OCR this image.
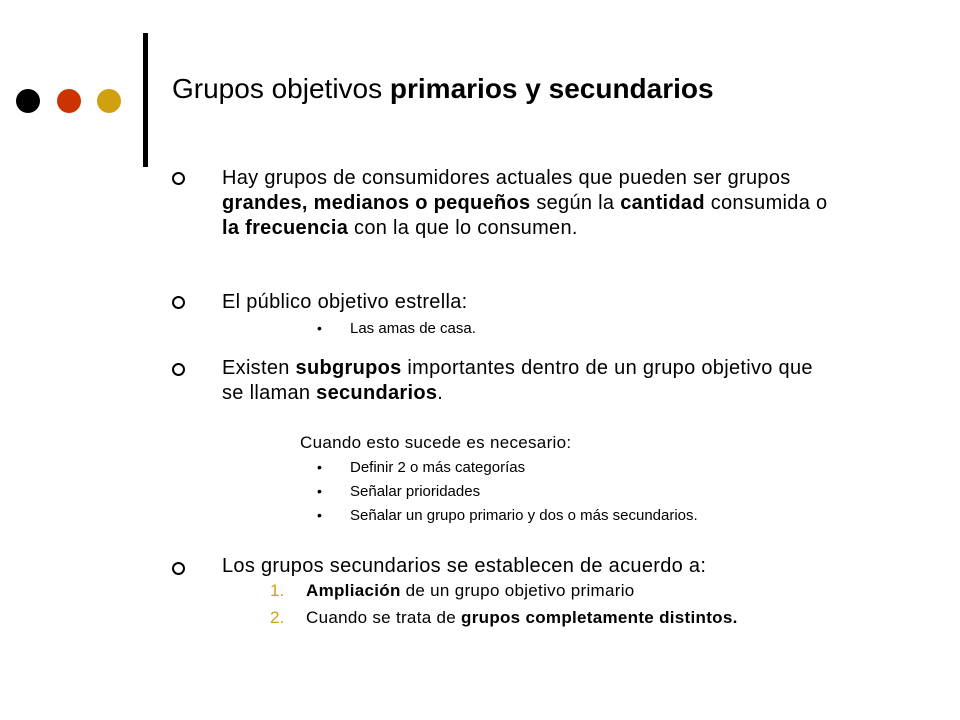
Grupos objetivos primarios y secundarios
Hay grupos de consumidores actuales que pueden ser grupos grandes, medianos o pequeños según la cantidad consumida o la frecuencia con la que lo consumen.
El público objetivo estrella:
• Las amas de casa.
Existen subgrupos importantes dentro de un grupo objetivo que se llaman secundarios.
Cuando esto sucede es necesario:
• Definir 2 o más categorías
• Señalar prioridades
• Señalar un grupo primario y dos o más secundarios.
Los grupos secundarios se establecen de acuerdo a:
1. Ampliación de un grupo objetivo primario
2. Cuando se trata de grupos completamente distintos.
